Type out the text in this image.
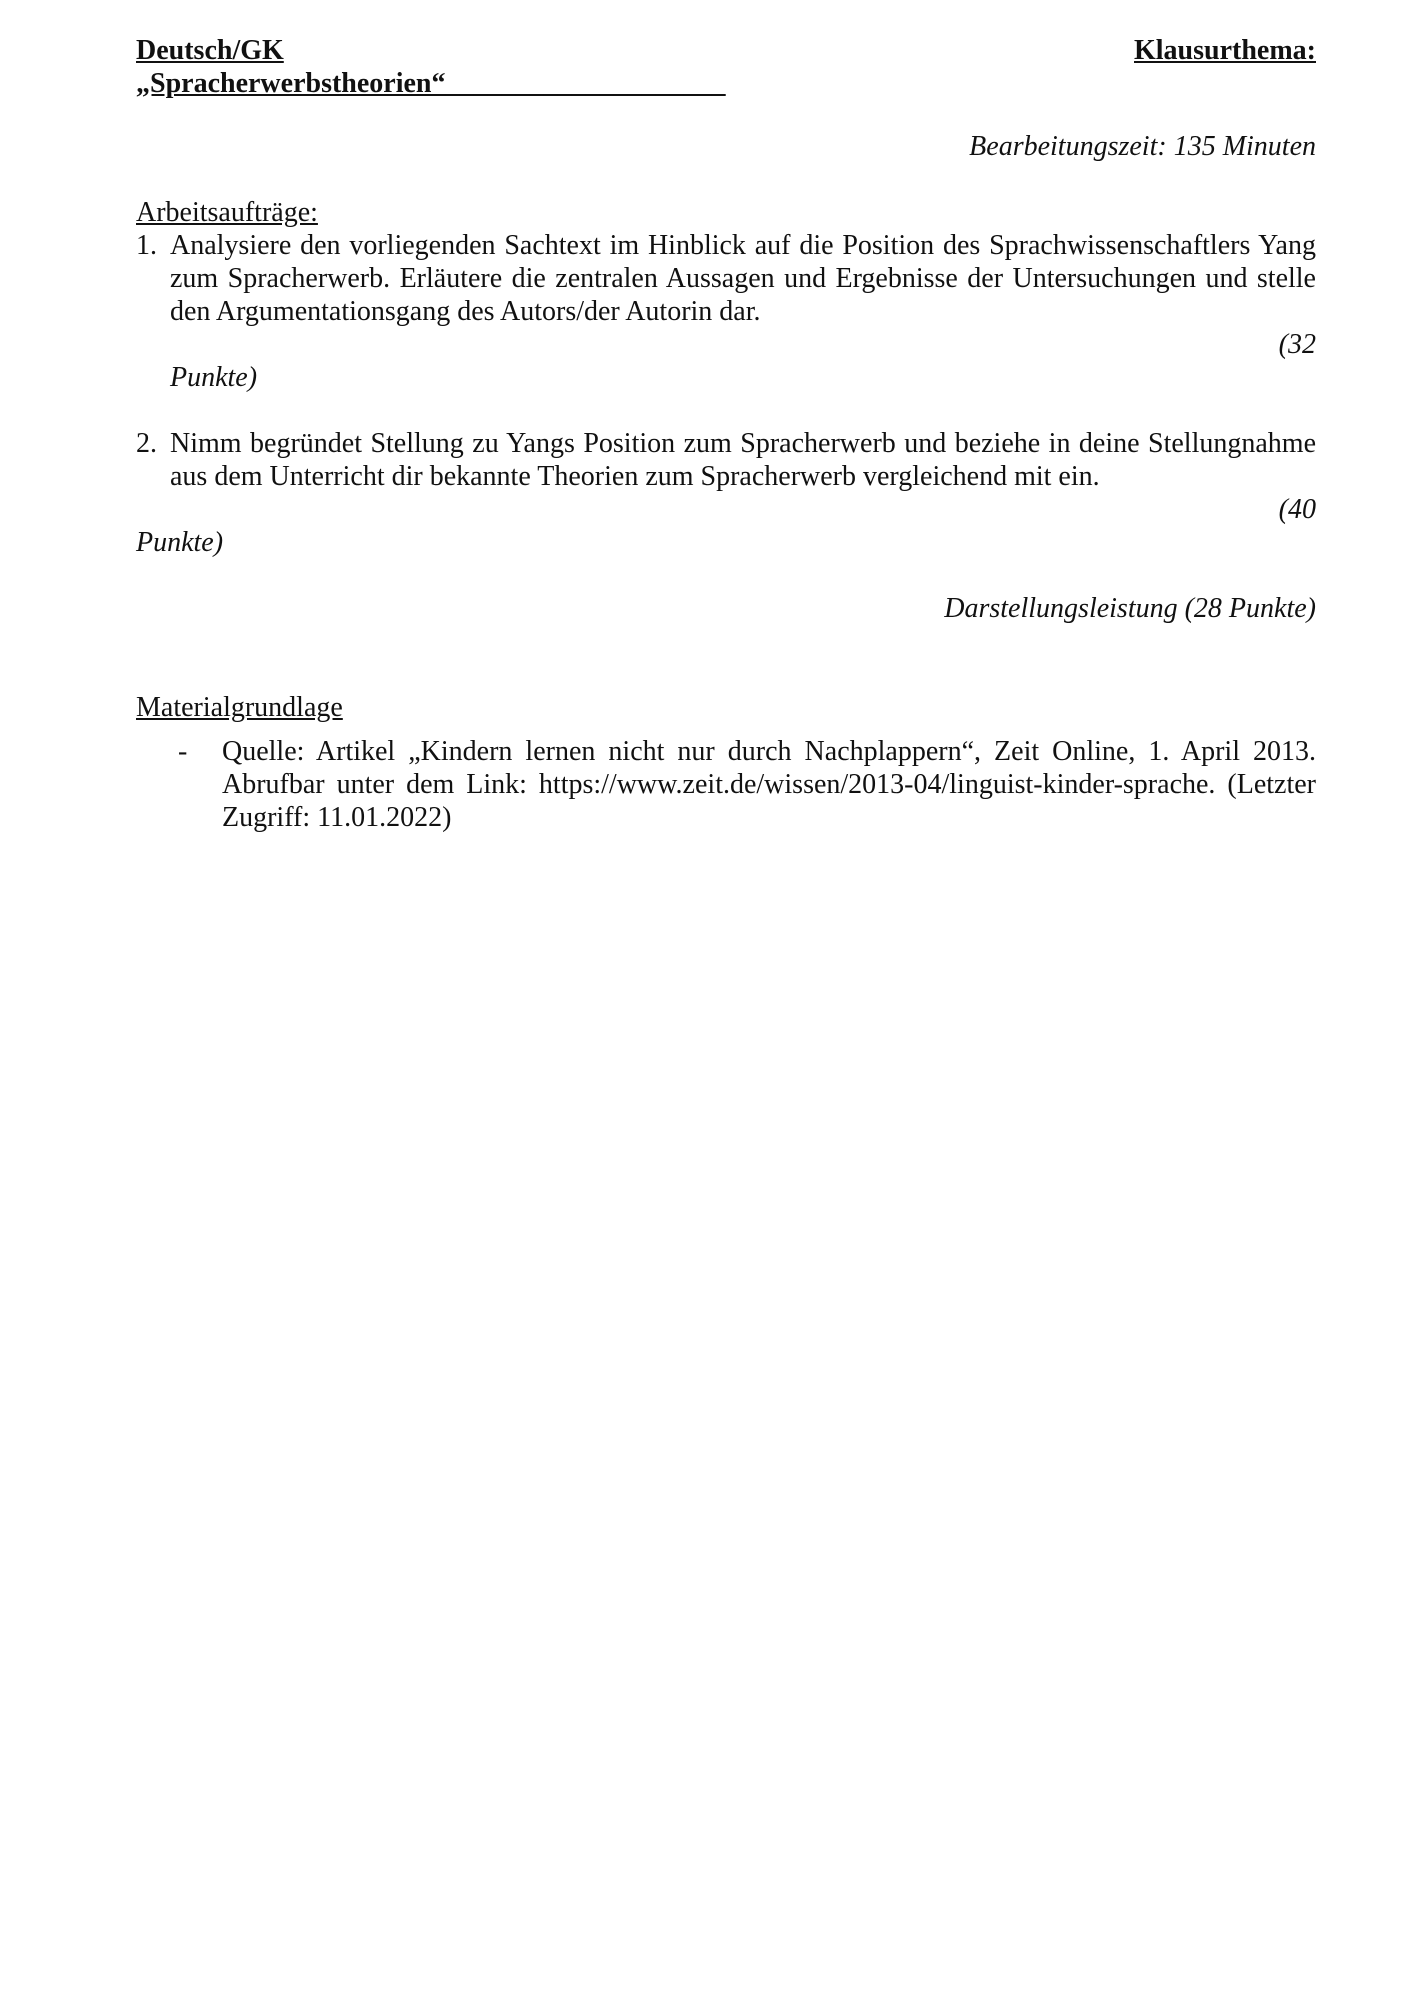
Deutsch/GK	Klausurthema:
„Spracherwerbstheorien“____________________
Bearbeitungszeit: 135 Minuten
Arbeitsaufträge:
1. Analysiere den vorliegenden Sachtext im Hinblick auf die Position des Sprachwissenschaftlers Yang zum Spracherwerb. Erläutere die zentralen Aussagen und Ergebnisse der Untersuchungen und stelle den Argumentationsgang des Autors/der Autorin dar.
(32
Punkte)
2. Nimm begründet Stellung zu Yangs Position zum Spracherwerb und beziehe in deine Stellungnahme aus dem Unterricht dir bekannte Theorien zum Spracherwerb vergleichend mit ein.
(40
Punkte)
Darstellungsleistung (28 Punkte)
Materialgrundlage
-	Quelle: Artikel „Kindern lernen nicht nur durch Nachplappern“, Zeit Online, 1. April 2013. Abrufbar unter dem Link: https://www.zeit.de/wissen/2013-04/linguist-kinder-sprache. (Letzter Zugriff: 11.01.2022)
